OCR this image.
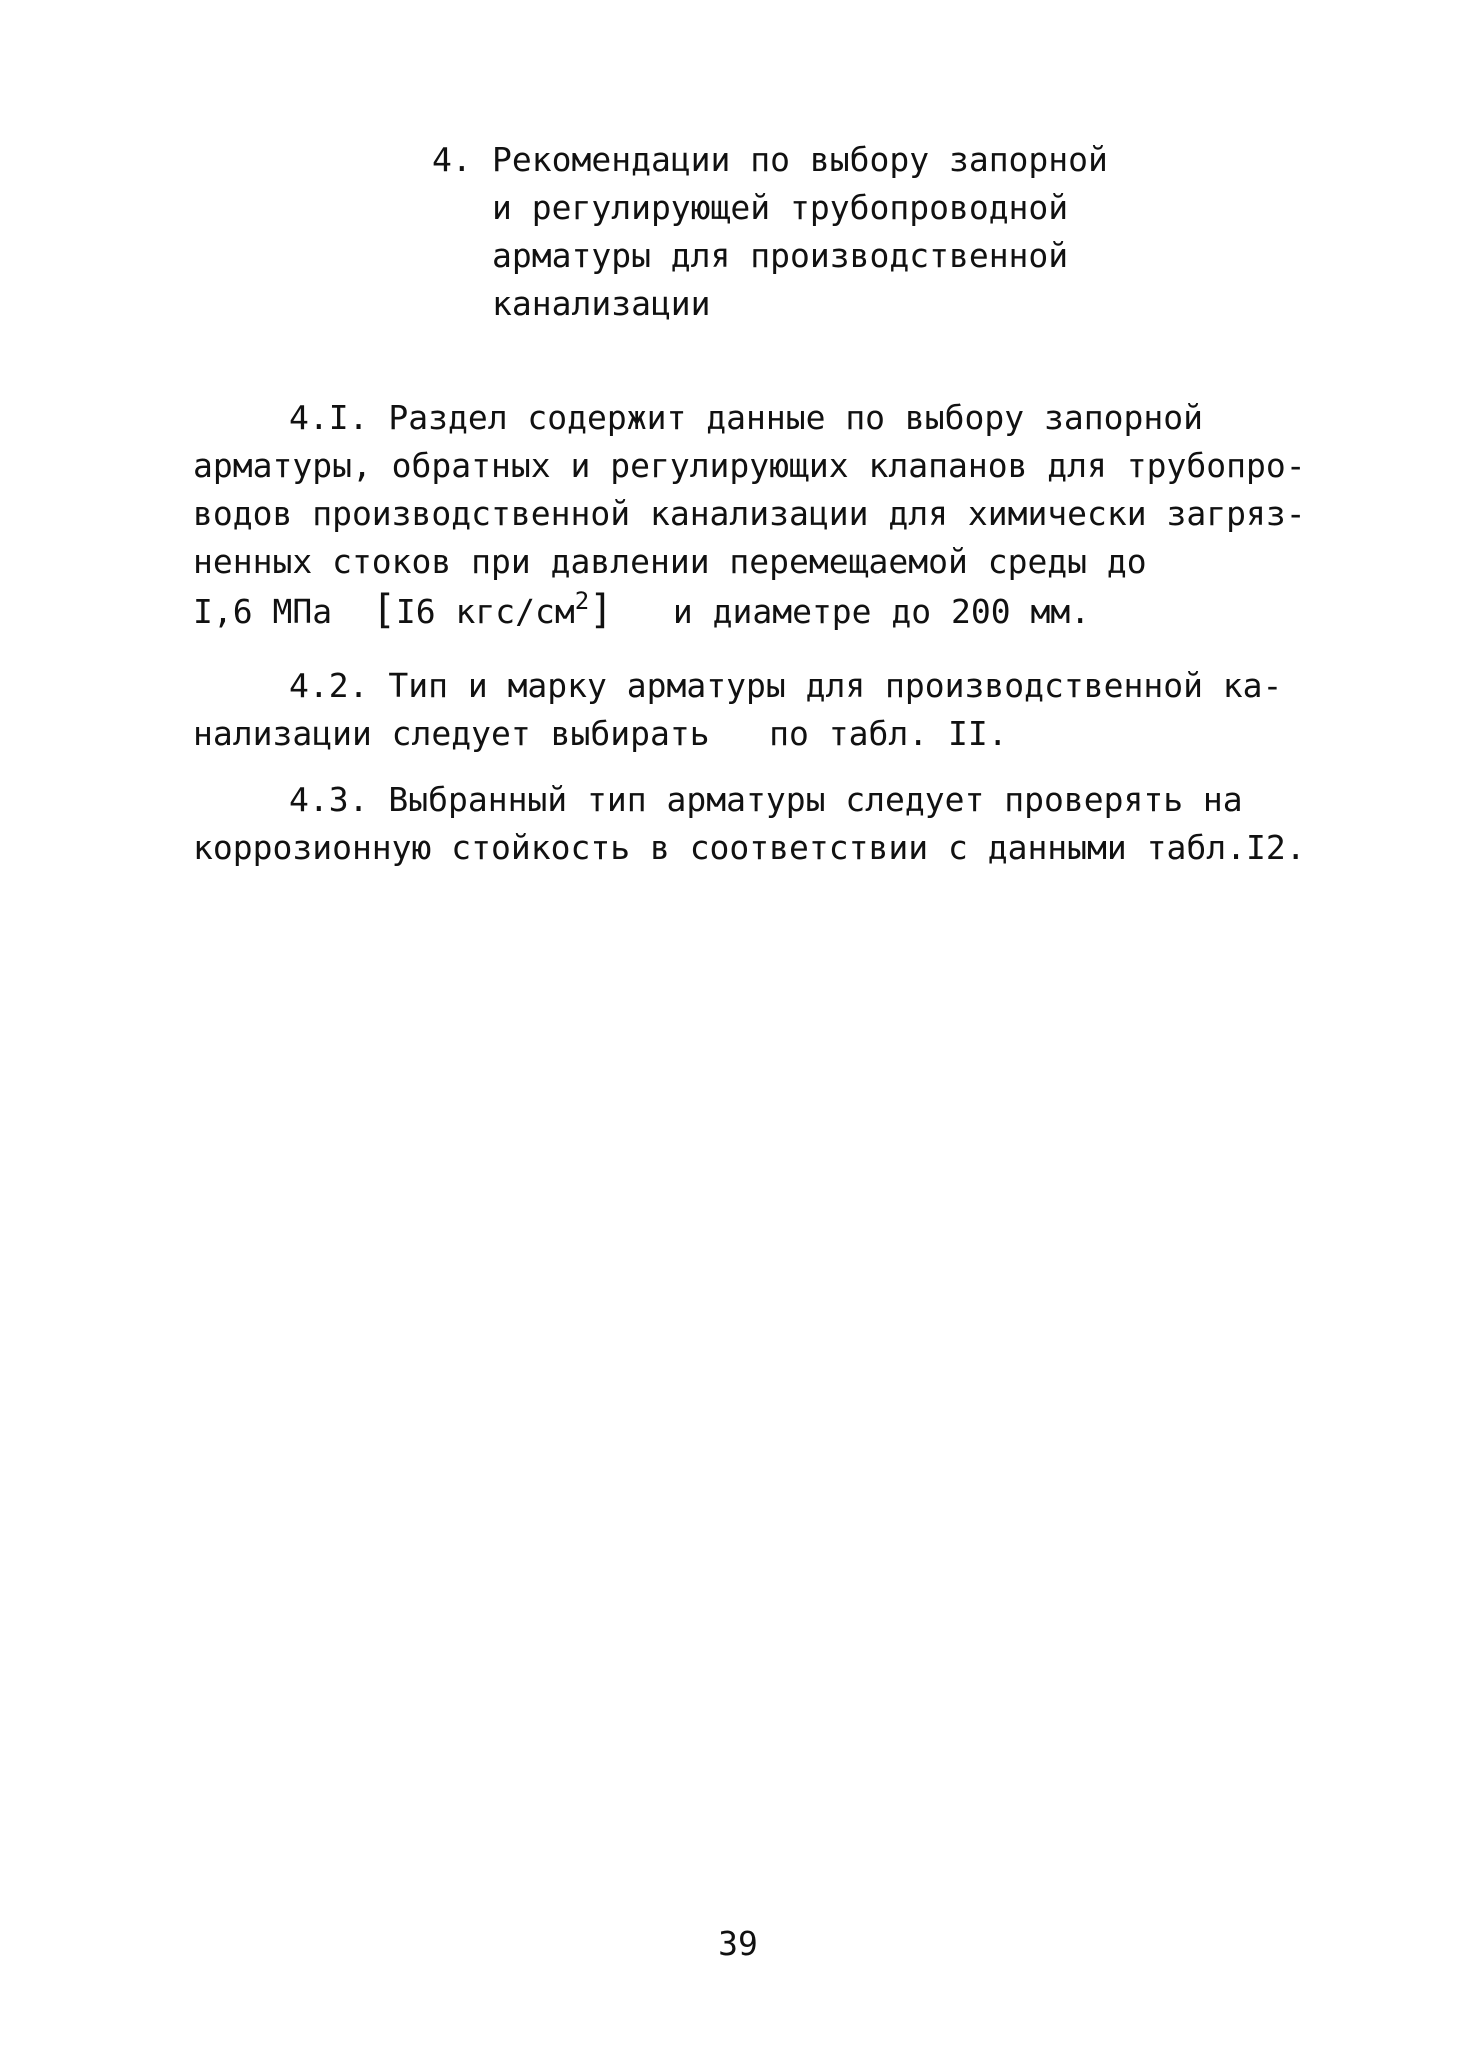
4. Рекомендации по выбору запорной
и регулирующей трубопроводной
арматуры для производственной
канализации
4.I. Раздел содержит данные по выбору запорной
арматуры, обратных и регулирующих клапанов для трубопро-
водов производственной канализации для химически загряз-
ненных стоков при давлении перемещаемой среды до
I,6 МПа  [I6 кгс/$см^2$]   и диаметре до 200 мм.
4.2. Тип и марку арматуры для производственной ка-
нализации следует выбирать   по табл. II.
4.3. Выбранный тип арматуры следует проверять на
коррозионную стойкость в соответствии с данными табл.I2.
39
